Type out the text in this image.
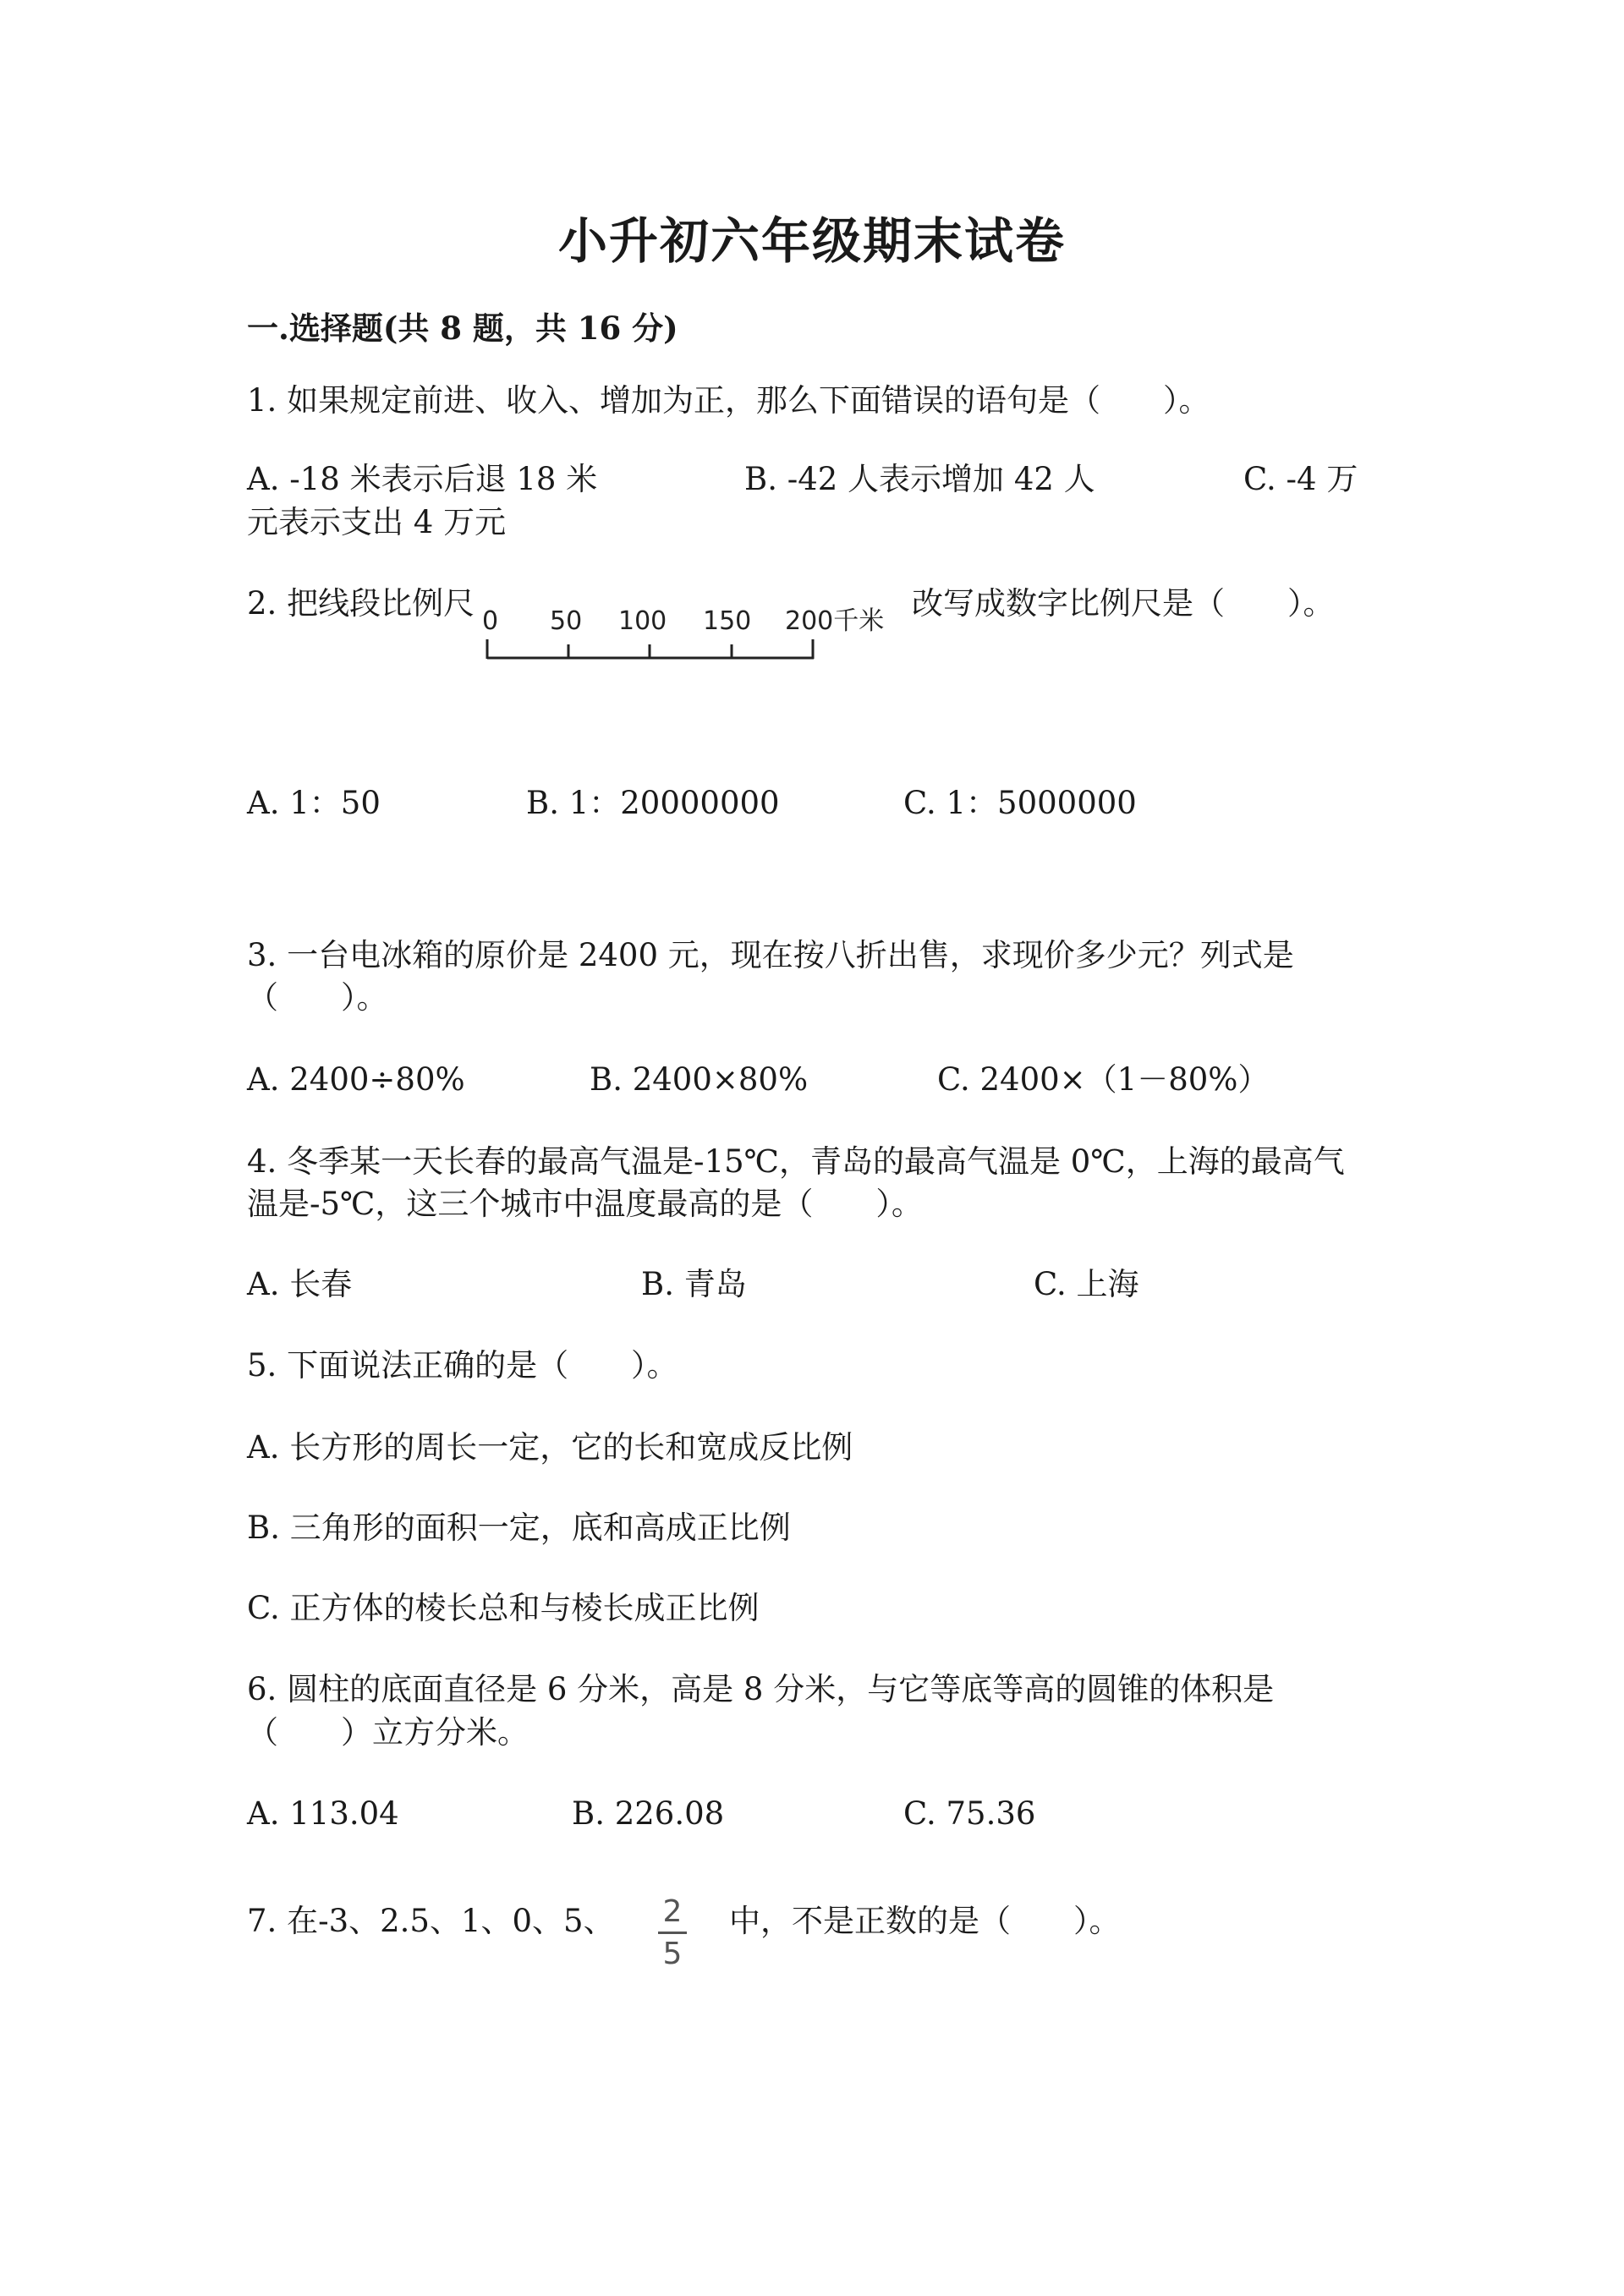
小升初六年级期末试卷
一.选择题(共 8 题，共 16 分)
1. 如果规定前进、收入、增加为正，那么下面错误的语句是（　　）。
A. -18 米表示后退 18 米	B. -42 人表示增加 42 人	C. -4 万
元表示支出 4 万元
2. 把线段比例尺 0 50 100 150 200千米 改写成数字比例尺是（　　）。
A. 1：50	B. 1：20000000	C. 1：5000000
3. 一台电冰箱的原价是 2400 元，现在按八折出售，求现价多少元？列式是
（　　）。
A. 2400÷80%	B. 2400×80%	C. 2400×（1－80%）
4. 冬季某一天长春的最高气温是-15℃，青岛的最高气温是 0℃，上海的最高气
温是-5℃，这三个城市中温度最高的是（　　）。
A. 长春	B. 青岛	C. 上海
5. 下面说法正确的是（　　）。
A. 长方形的周长一定，它的长和宽成反比例
B. 三角形的面积一定，底和高成正比例
C. 正方体的棱长总和与棱长成正比例
6. 圆柱的底面直径是 6 分米，高是 8 分米，与它等底等高的圆锥的体积是
（　　）立方分米。
A. 113.04	B. 226.08	C. 75.36
7. 在-3、2.5、1、0、5、	2
5
中，不是正数的是（　　）。
